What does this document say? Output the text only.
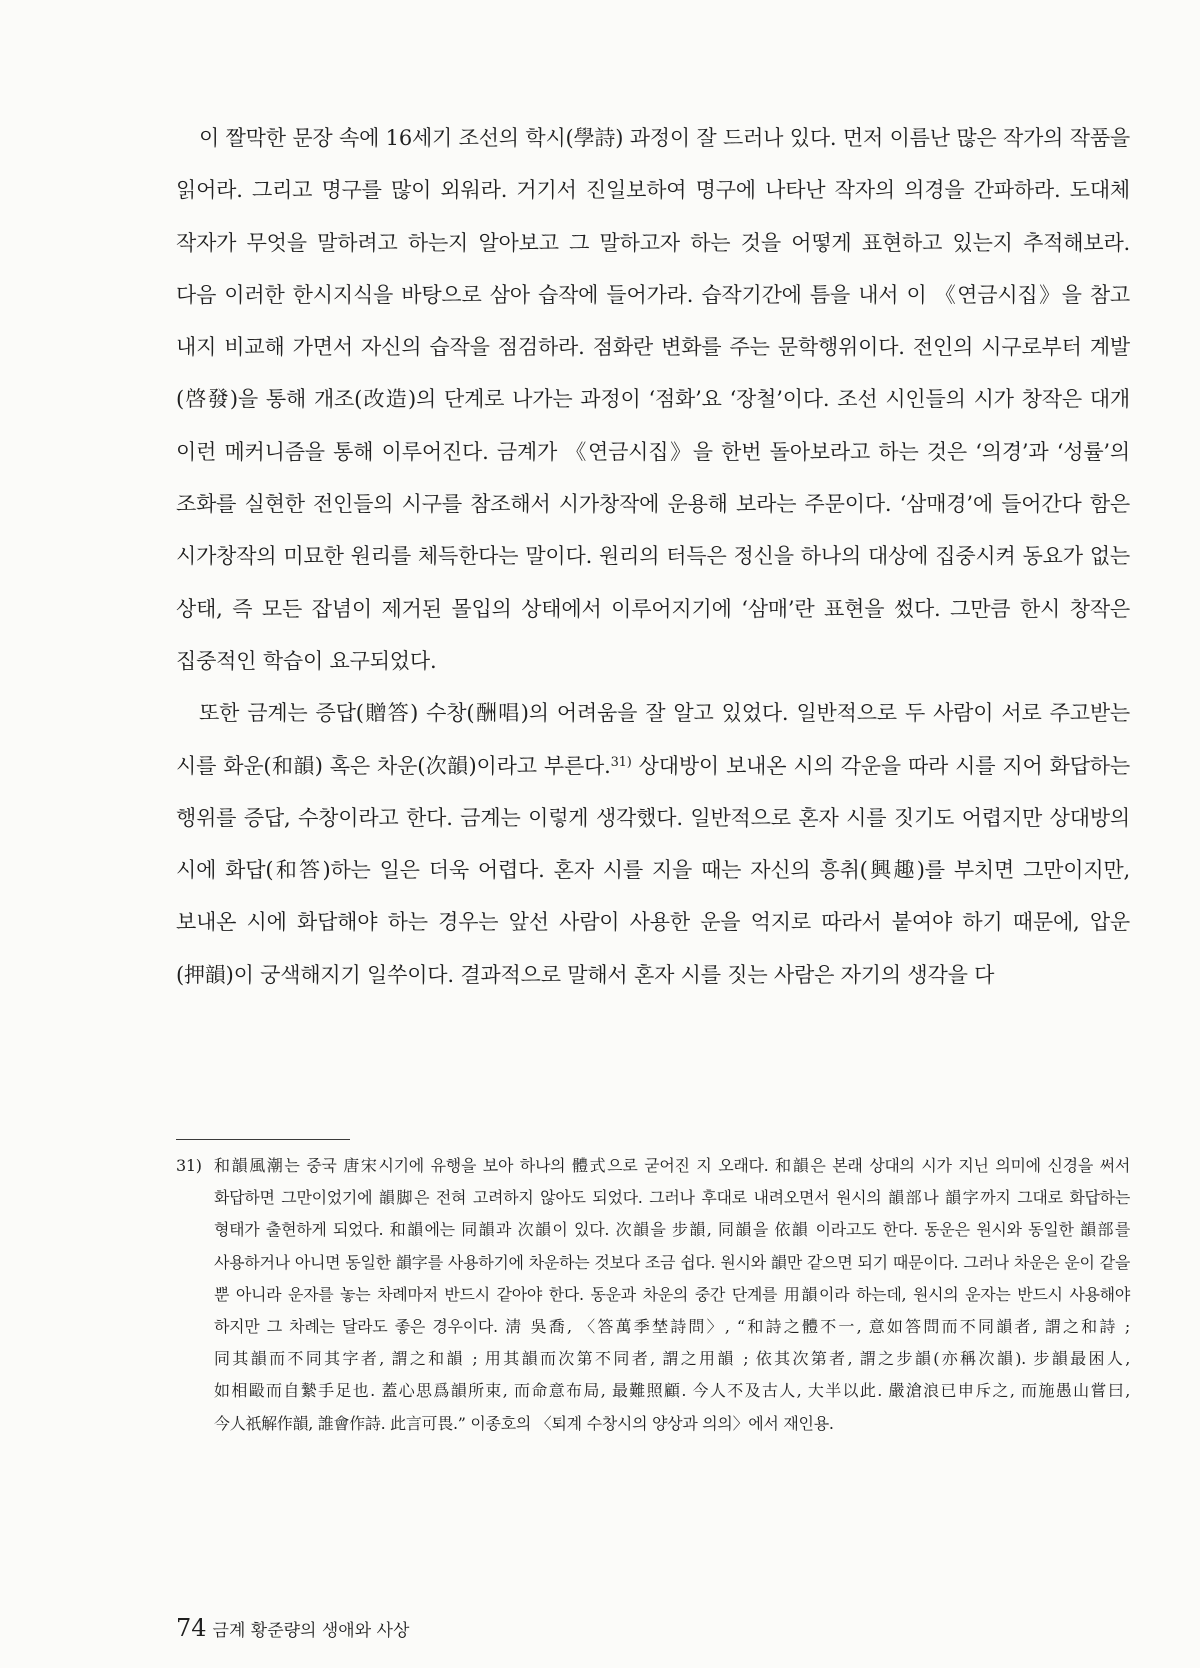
이 짤막한 문장 속에 16세기 조선의 학시(學詩) 과정이 잘 드러나 있다. 먼저 이름난 많은 작가의 작품을 읽어라. 그리고 명구를 많이 외워라. 거기서 진일보하여 명구에 나타난 작자의 의경을 간파하라. 도대체 작자가 무엇을 말하려고 하는지 알아보고 그 말하고자 하는 것을 어떻게 표현하고 있는지 추적해보라. 다음 이러한 한시지식을 바탕으로 삼아 습작에 들어가라. 습작기간에 틈을 내서 이 《연금시집》을 참고 내지 비교해 가면서 자신의 습작을 점검하라. 점화란 변화를 주는 문학행위이다. 전인의 시구로부터 계발(啓發)을 통해 개조(改造)의 단계로 나가는 과정이 ‘점화’요 ‘장철’이다. 조선 시인들의 시가 창작은 대개 이런 메커니즘을 통해 이루어진다. 금계가 《연금시집》을 한번 돌아보라고 하는 것은 ‘의경’과 ‘성률’의 조화를 실현한 전인들의 시구를 참조해서 시가창작에 운용해 보라는 주문이다. ‘삼매경’에 들어간다 함은 시가창작의 미묘한 원리를 체득한다는 말이다. 원리의 터득은 정신을 하나의 대상에 집중시켜 동요가 없는 상태, 즉 모든 잡념이 제거된 몰입의 상태에서 이루어지기에 ‘삼매’란 표현을 썼다. 그만큼 한시 창작은 집중적인 학습이 요구되었다.

또한 금계는 증답(贈答) 수창(酬唱)의 어려움을 잘 알고 있었다. 일반적으로 두 사람이 서로 주고받는 시를 화운(和韻) 혹은 차운(次韻)이라고 부른다.$^{31)}$ 상대방이 보내온 시의 각운을 따라 시를 지어 화답하는 행위를 증답, 수창이라고 한다. 금계는 이렇게 생각했다. 일반적으로 혼자 시를 짓기도 어렵지만 상대방의 시에 화답(和答)하는 일은 더욱 어렵다. 혼자 시를 지을 때는 자신의 흥취(興趣)를 부치면 그만이지만, 보내온 시에 화답해야 하는 경우는 앞선 사람이 사용한 운을 억지로 따라서 붙여야 하기 때문에, 압운(押韻)이 궁색해지기 일쑤이다. 결과적으로 말해서 혼자 시를 짓는 사람은 자기의 생각을 다

31) 和韻風潮는 중국 唐宋시기에 유행을 보아 하나의 體式으로 굳어진 지 오래다. 和韻은 본래 상대의 시가 지닌 의미에 신경을 써서 화답하면 그만이었기에 韻脚은 전혀 고려하지 않아도 되었다. 그러나 후대로 내려오면서 원시의 韻部나 韻字까지 그대로 화답하는 형태가 출현하게 되었다. 和韻에는 同韻과 次韻이 있다. 次韻을 步韻, 同韻을 依韻 이라고도 한다. 동운은 원시와 동일한 韻部를 사용하거나 아니면 동일한 韻字를 사용하기에 차운하는 것보다 조금 쉽다. 원시와 韻만 같으면 되기 때문이다. 그러나 차운은 운이 같을 뿐 아니라 운자를 놓는 차례마저 반드시 같아야 한다. 동운과 차운의 중간 단계를 用韻이라 하는데, 원시의 운자는 반드시 사용해야 하지만 그 차례는 달라도 좋은 경우이다. 淸 吳喬, 〈答萬季埜詩問〉, “和詩之體不一, 意如答問而不同韻者, 謂之和詩 ; 同其韻而不同其字者, 謂之和韻 ; 用其韻而次第不同者, 謂之用韻 ; 依其次第者, 謂之步韻(亦稱次韻). 步韻最困人, 如相毆而自縶手足也. 蓋心思爲韻所束, 而命意布局, 最難照顧. 今人不及古人, 大半以此. 嚴滄浪已申斥之, 而施愚山嘗曰, 今人祇解作韻, 誰會作詩. 此言可畏.” 이종호의 〈퇴계 수창시의 양상과 의의〉에서 재인용.
74 금계 황준량의 생애와 사상
